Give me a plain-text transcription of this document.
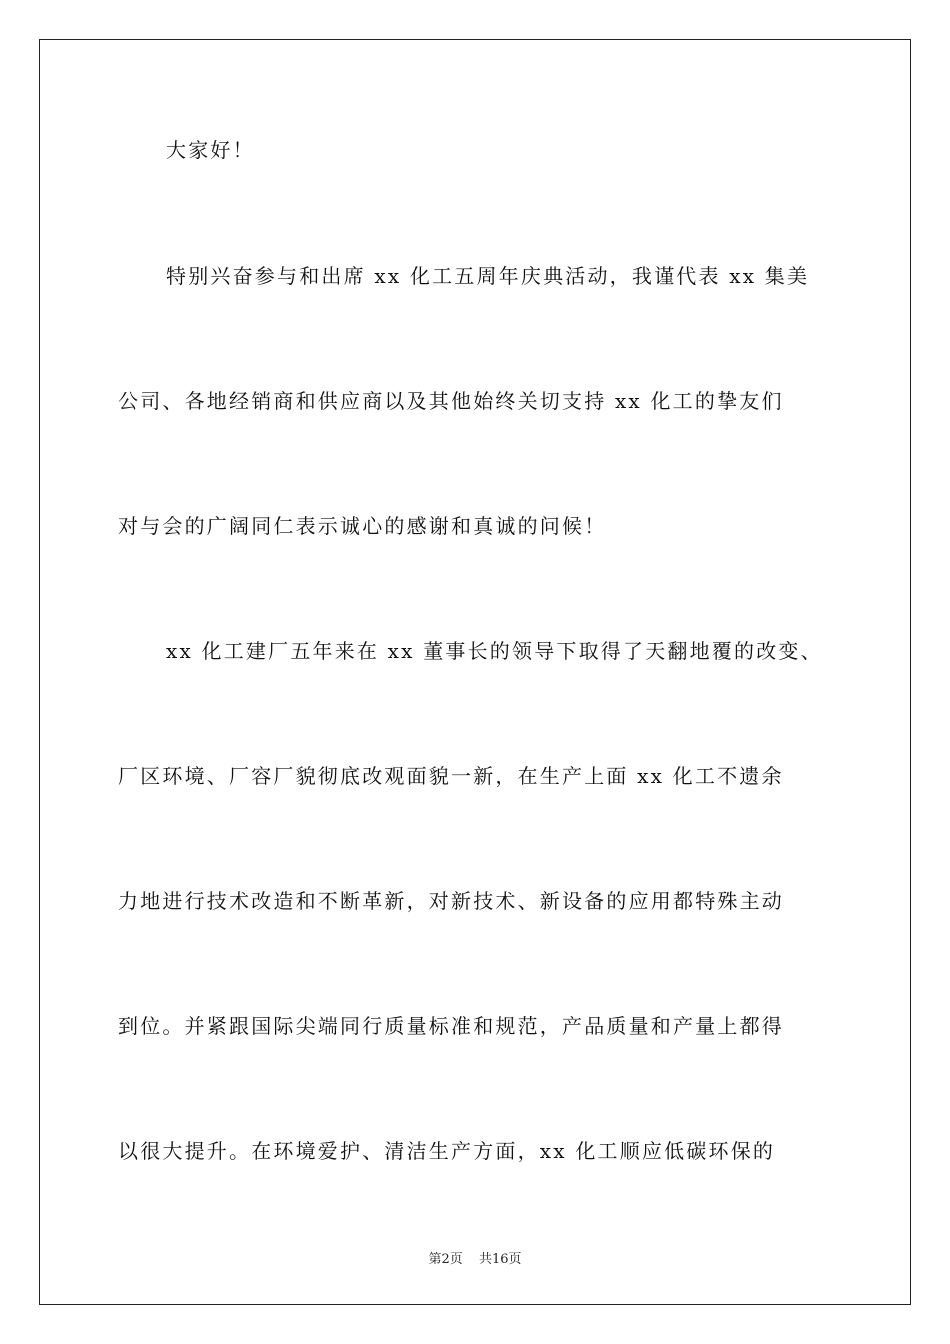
大家好！
特别兴奋参与和出席 xx 化工五周年庆典活动，我谨代表 xx 集美
公司、各地经销商和供应商以及其他始终关切支持 xx 化工的挚友们
对与会的广阔同仁表示诚心的感谢和真诚的问候！
xx 化工建厂五年来在 xx 董事长的领导下取得了天翻地覆的改变、
厂区环境、厂容厂貌彻底改观面貌一新，在生产上面 xx 化工不遗余
力地进行技术改造和不断革新，对新技术、新设备的应用都特殊主动
到位。并紧跟国际尖端同行质量标准和规范，产品质量和产量上都得
以很大提升。在环境爱护、清洁生产方面，xx 化工顺应低碳环保的
第2页 共16页
